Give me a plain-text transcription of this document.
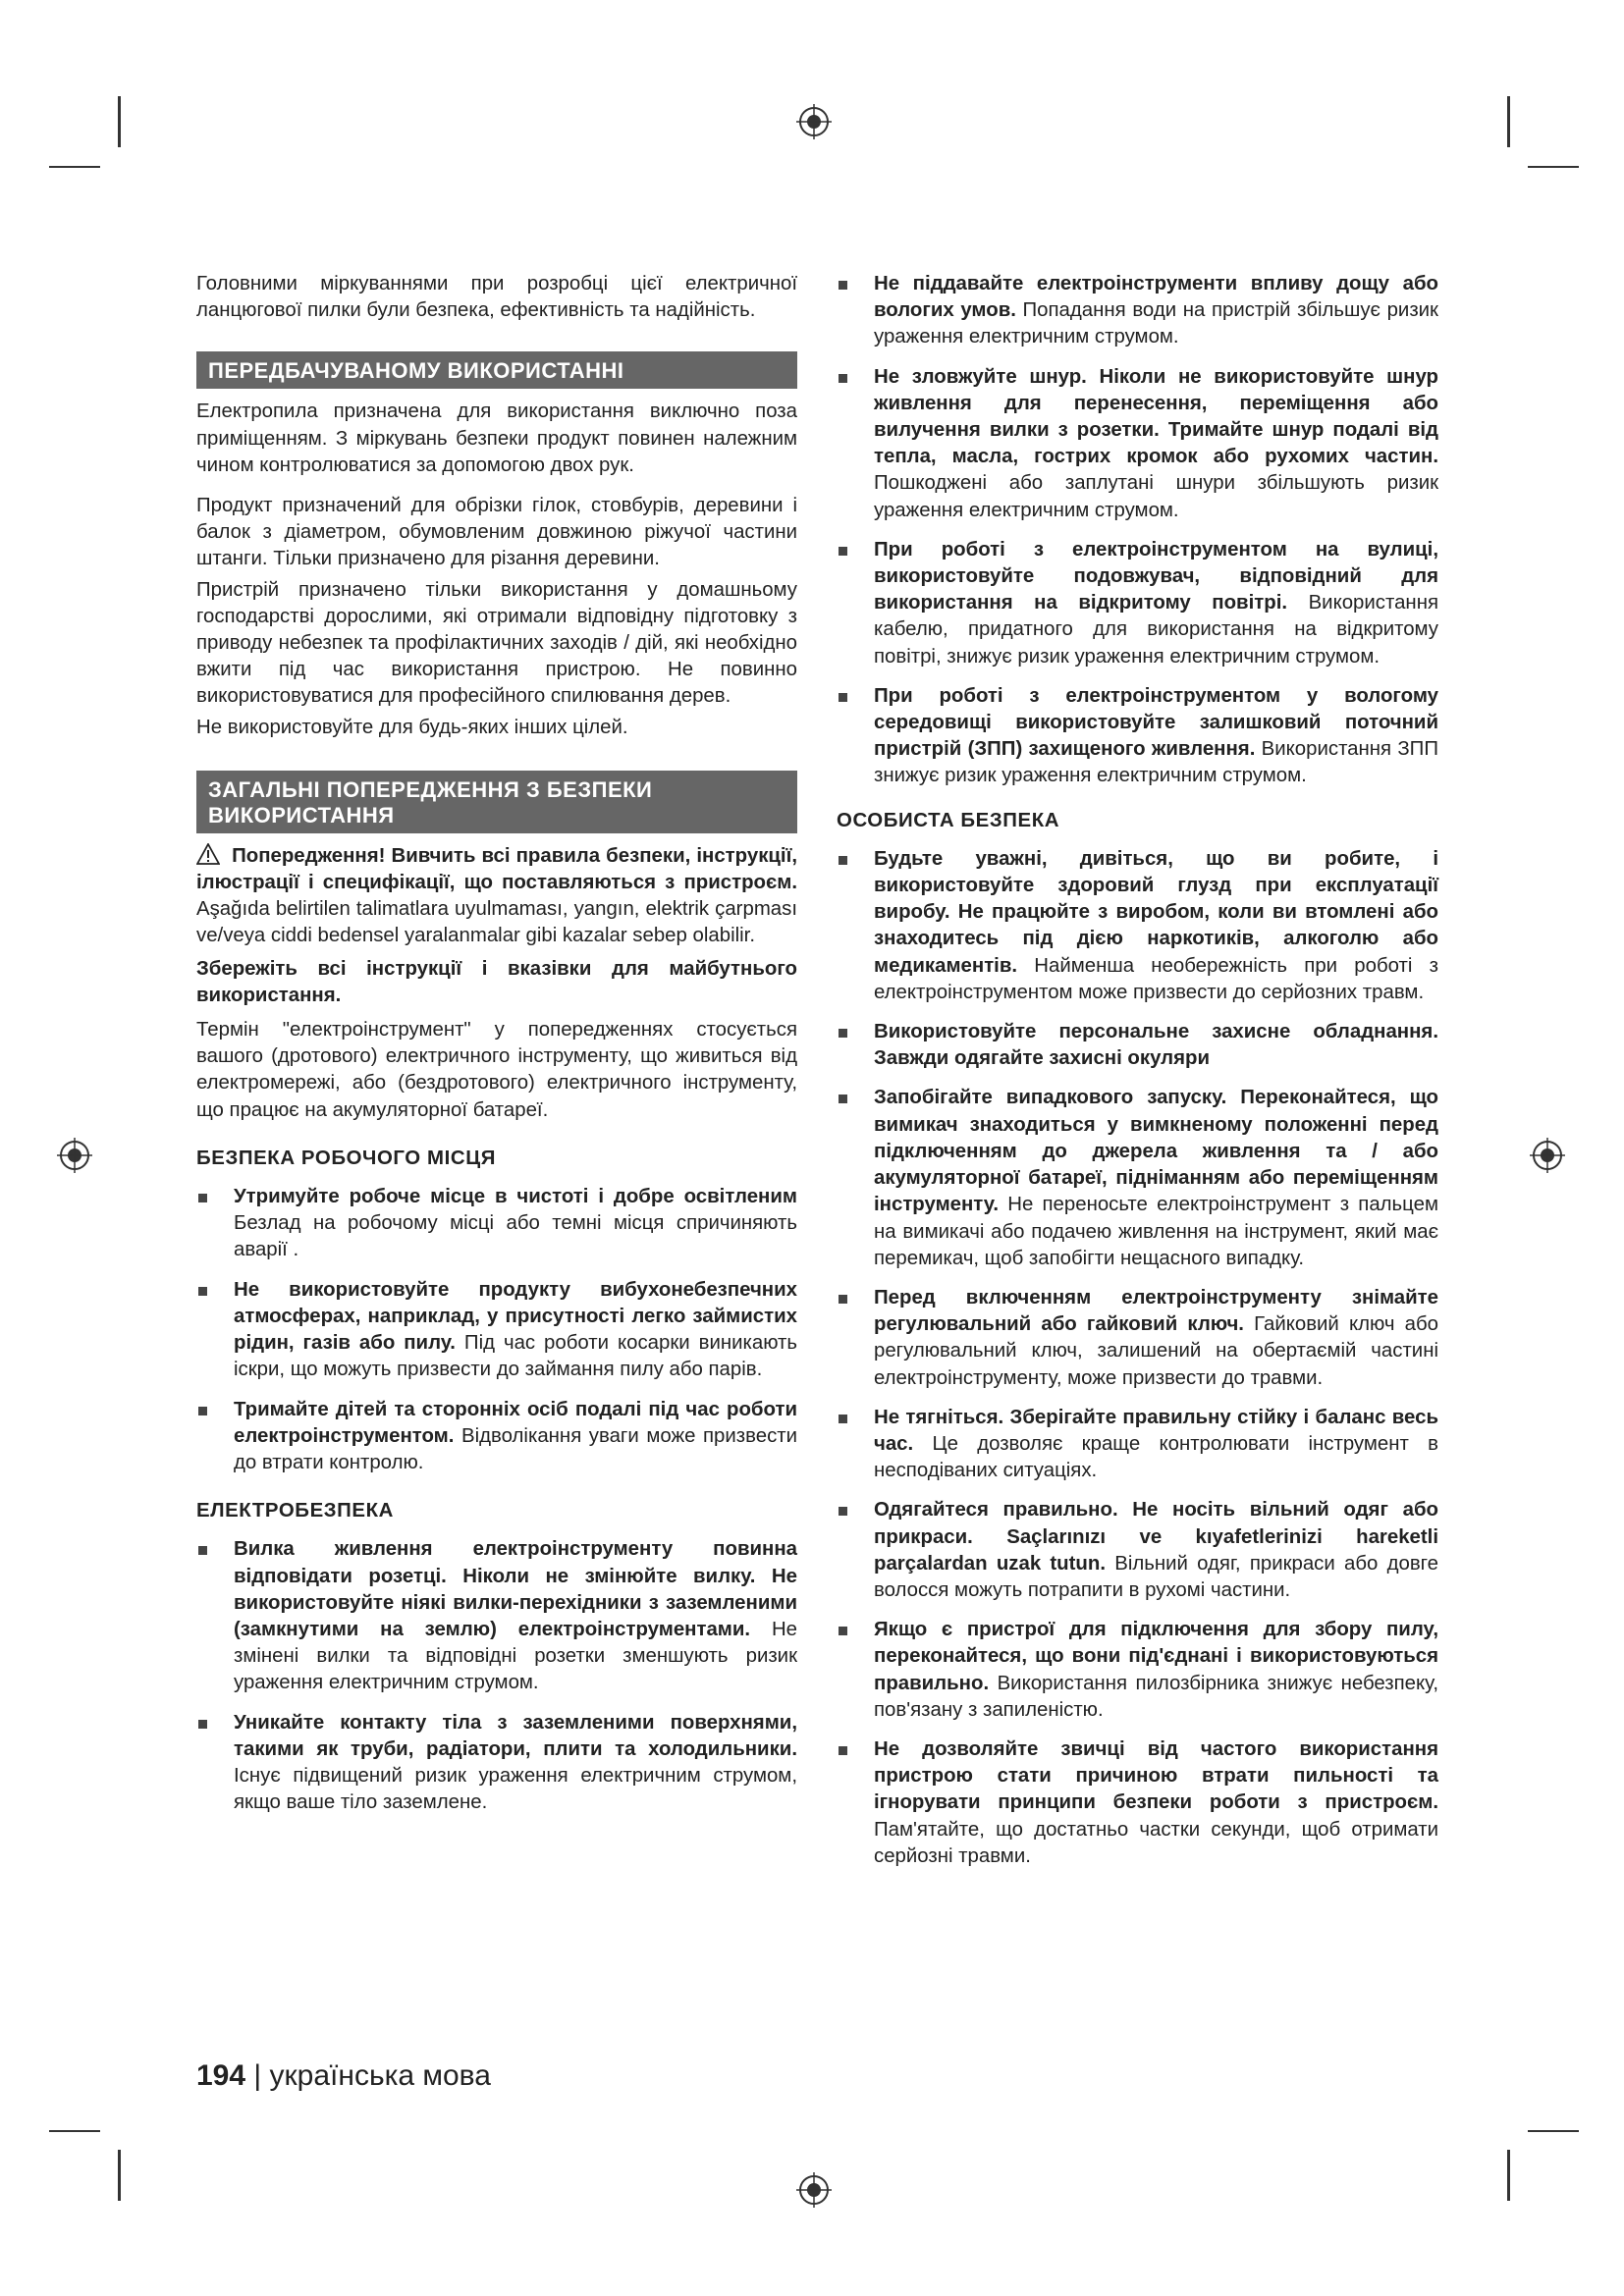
Головними міркуваннями при розробці цієї електричної ланцюгової пилки були безпека, ефективність та надійність.

ПЕРЕДБАЧУВАНОМУ ВИКОРИСТАННІ

Електропила призначена для використання виключно поза приміщенням. З міркувань безпеки продукт повинен належним чином контролюватися за допомогою двох рук.

Продукт призначений для обрізки гілок, стовбурів, деревини і балок з діаметром, обумовленим довжиною ріжучої частини штанги. Тільки призначено для різання деревини.

Пристрій призначено тільки використання у домашньому господарстві дорослими, які отримали відповідну підготовку з приводу небезпек та профілактичних заходів / дій, які необхідно вжити під час використання пристрою. Не повинно використовуватися для професійного спилювання дерев.

Не використовуйте для будь-яких інших цілей.

ЗАГАЛЬНІ ПОПЕРЕДЖЕННЯ З БЕЗПЕКИ
ВИКОРИСТАННЯ

Попередження! Вивчить всі правила безпеки, інструкції, ілюстрації і специфікації, що поставляються з пристроєм. Aşağıda belirtilen talimatlara uyulmaması, yangın, elektrik çarpması ve/veya ciddi bedensel yaralanmalar gibi kazalar sebep olabilir.

Збережіть всі інструкції і вказівки для майбутнього використання.

Термін "електроінструмент" у попередженнях стосується вашого (дротового) електричного інструменту, що живиться від електромережі, або (бездротового) електричного інструменту, що працює на акумуляторної батареї.

БЕЗПЕКА РОБОЧОГО МІСЦЯ
Утримуйте робоче місце в чистоті і добре освітленим Безлад на робочому місці або темні місця спричиняють аварії .
Не використовуйте продукту вибухонебезпечних атмосферах, наприклад, у присутності легко займистих рідин, газів або пилу. Під час роботи косарки виникають іскри, що можуть призвести до займання пилу або парів.
Тримайте дітей та сторонніх осіб подалі під час роботи електроінструментом. Відволікання уваги може призвести до втрати контролю.
ЕЛЕКТРОБЕЗПЕКА
Вилка живлення електроінструменту повинна відповідати розетці. Ніколи не змінюйте вилку. Не використовуйте ніякі вилки-перехідники з заземленими (замкнутими на землю) електроінструментами. Не змінені вилки та відповідні розетки зменшують ризик ураження електричним струмом.
Уникайте контакту тіла з заземленими поверхнями, такими як труби, радіатори, плити та холодильники. Існує підвищений ризик ураження електричним струмом, якщо ваше тіло заземлене.
Не піддавайте електроінструменти впливу дощу або вологих умов. Попадання води на пристрій збільшує ризик ураження електричним струмом.
Не зловжуйте шнур. Ніколи не використовуйте шнур живлення для перенесення, переміщення або вилучення вилки з розетки. Тримайте шнур подалі від тепла, масла, гострих кромок або рухомих частин. Пошкоджені або заплутані шнури збільшують ризик ураження електричним струмом.
При роботі з електроінструментом на вулиці, використовуйте подовжувач, відповідний для використання на відкритому повітрі. Використання кабелю, придатного для використання на відкритому повітрі, знижує ризик ураження електричним струмом.
При роботі з електроінструментом у вологому середовищі використовуйте залишковий поточний пристрій (ЗПП) захищеного живлення. Використання ЗПП знижує ризик ураження електричним струмом.
ОСОБИСТА БЕЗПЕКА
Будьте уважні, дивіться, що ви робите, і використовуйте здоровий глузд при експлуатації виробу. Не працюйте з виробом, коли ви втомлені або знаходитесь під дією наркотиків, алкоголю або медикаментів. Найменша необережність при роботі з електроінструментом може призвести до серйозних травм.
Використовуйте персональне захисне обладнання. Завжди одягайте захисні окуляри
Запобігайте випадкового запуску. Переконайтеся, що вимикач знаходиться у вимкненому положенні перед підключенням до джерела живлення та / або акумуляторної батареї, підніманням або переміщенням інструменту. Не переносьте електроінструмент з пальцем на вимикачі або подачею живлення на інструмент, який має перемикач, щоб запобігти нещасного випадку.
Перед включенням електроінструменту знімайте регулювальний або гайковий ключ. Гайковий ключ або регулювальний ключ, залишений на обертаємій частині електроінструменту, може призвести до травми.
Не тягніться. Зберігайте правильну стійку і баланс весь час. Це дозволяє краще контролювати інструмент в несподіваних ситуаціях.
Одягайтеся правильно. Не носіть вільний одяг або прикраси. Saçlarınızı ve kıyafetlerinizi hareketli parçalardan uzak tutun. Вільний одяг, прикраси або довге волосся можуть потрапити в рухомі частини.
Якщо є пристрої для підключення для збору пилу, переконайтеся, що вони під'єднані і використовуються правильно. Використання пилозбірника знижує небезпеку, пов'язану з запиленістю.
Не дозволяйте звичці від частого використання пристрою стати причиною втрати пильності та ігнорувати принципи безпеки роботи з пристроєм. Пам'ятайте, що достатньо частки секунди, щоб отримати серйозні травми.
194 | українська мова
